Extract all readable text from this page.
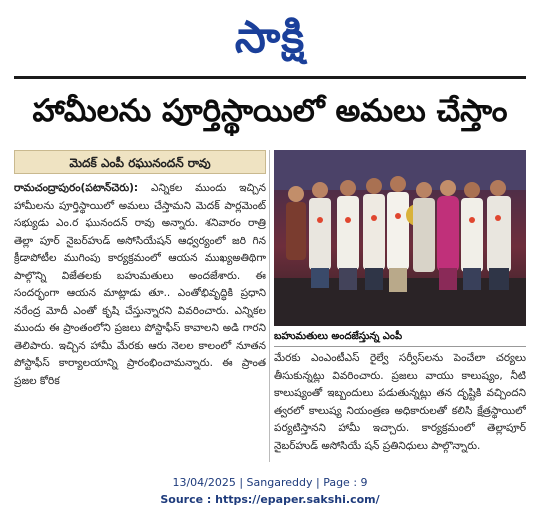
సాక్షి
హామీలను పూర్తిస్థాయిలో అమలు చేస్తాం
మెదక్ ఎంపీ రఘునందన్ రావు
రామచంద్రాపురం(పటాన్‌చెరు): ఎన్నికల ముందు ఇచ్చిన హామీలను పూర్తిస్థాయిలో అమలు చేస్తామని మెదక్ పార్లమెంట్ సభ్యుడు ఎం.ర ఘునందన్ రావు అన్నారు. శనివారం రాత్రి తెల్లా పూర్ నైబర్‌హుడ్ అసోసియేషన్ ఆధ్వర్యంలో జరి గిన క్రీడాపోటీల ముగింపు కార్యక్రమంలో ఆయన ముఖ్యఅతిథిగా పాల్గొన్ని విజేతలకు బహుమతులు అందజేశారు. ఈ సందర్భంగా ఆయన మాట్లాడు తూ.. ఎంతోభివృద్ధికి ప్రధాని నరేంద్ర మోదీ ఎంతో కృషి చేస్తున్నారని వివరించారు. ఎన్నికల ముందు ఈ ప్రాంతంలోని ప్రజలు పోస్టాఫీస్ కావాలని అడి గారని తెలిపారు. ఇచ్చిన హామీ మేరకు ఆరు నెలల కాలంలో నూతన పోస్టాఫీస్ కార్యాలయాన్ని ప్రారంభించామన్నారు. ఈ ప్రాంత ప్రజల కోరిక
బహుమతులు అందజేస్తున్న ఎంపీ
మేరకు ఎంఎంటీఎస్ రైల్వే సర్వీస్‌లను పెంచేలా చర్యలు తీసుకున్నట్లు వివరించారు. ప్రజలు వాయు కాలుష్యం, నీటి కాలుష్యంతో ఇబ్బందులు పడుతున్నట్లు తన దృష్టికి వచ్చిందని త్వరలో కాలుష్య నియంత్రణ అధికారులతో కలిసి క్షేత్రస్థాయిలో పర్యటిస్తానని హామీ ఇచ్చారు. కార్యక్రమంలో తెల్లాపూర్ నైబర్‌హుడ్ అసోసియే షన్ ప్రతినిధులు పాల్గొన్నారు.
13/04/2025 | Sangareddy | Page : 9
Source : https://epaper.sakshi.com/
